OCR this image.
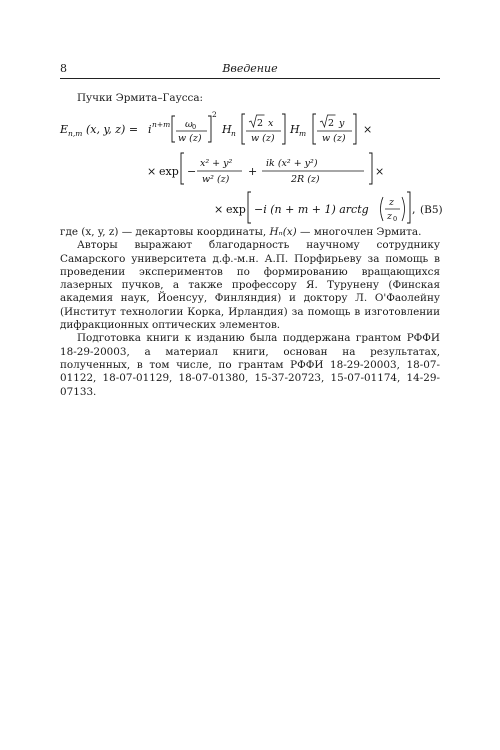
8	Введение
Пучки Эрмита–Гаусса:
E n,m (x, y, z) = i n+m ω 0
w (z)
2
H n
2 x
w (z)
H m
2 y
w (z)
×
× exp −
x² + y²
w² (z)
+
ik (x² + y²)
2R (z)
×
× exp −i (n + m + 1) arctg
z
z 0
, (B5)

где (x, y, z) — декартовы координаты, Hₙ(x) — многочлен Эрмита.

Авторы выражают благодарность научному сотруднику Самарского университета д.ф.-м.н. А.П. Порфирьеву за помощь в проведении экспериментов по формированию вращающихся лазерных пучков, а также профессору Я. Турунену (Финская академия наук, Йоенсуу, Финляндия) и доктору Л. О'Фаолейну (Институт технологии Корка, Ирландия) за помощь в изготовлении дифракционных оптических элементов.

Подготовка книги к изданию была поддержана грантом РФФИ 18-29-20003, а материал книги, основан на результатах, полученных, в том числе, по грантам РФФИ 18-29-20003, 18-07-01122, 18-07-01129, 18-07-01380, 15-37-20723, 15-07-01174, 14-29-07133.
